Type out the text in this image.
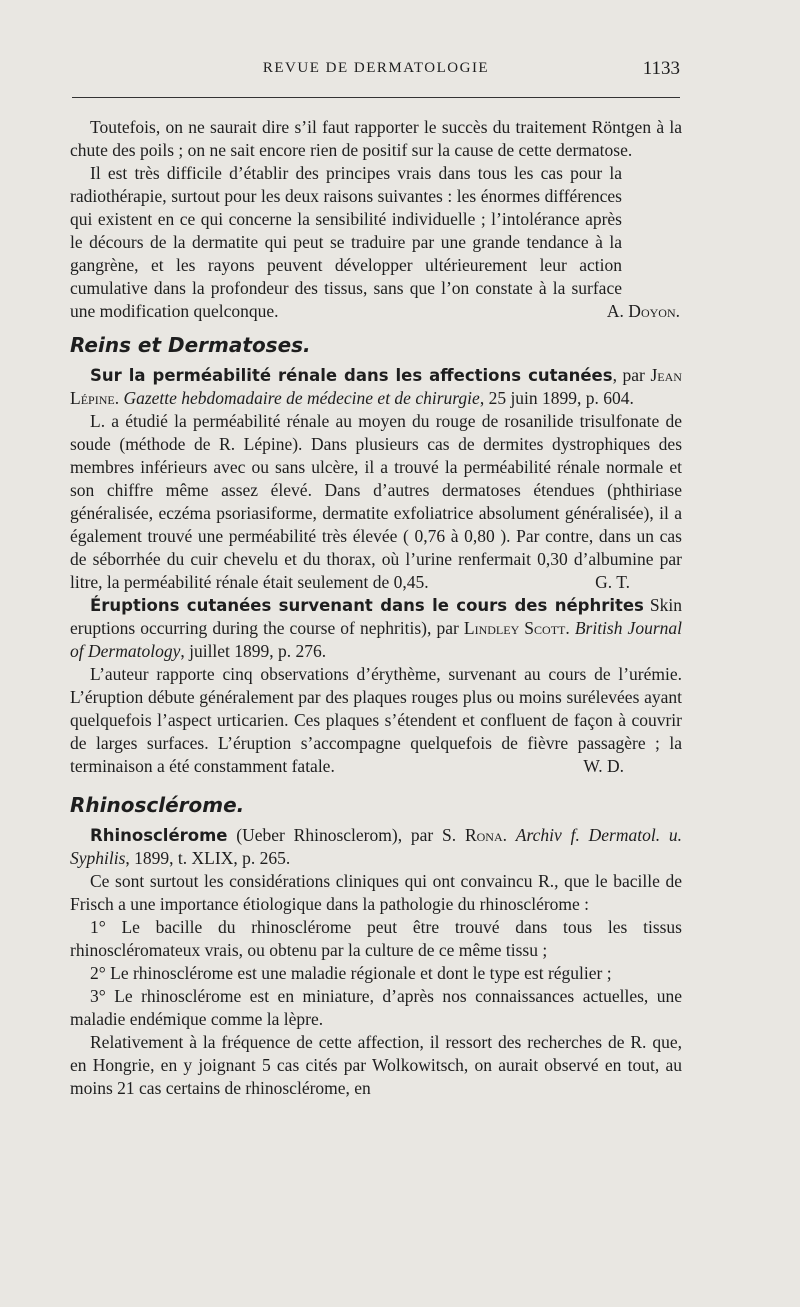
REVUE DE DERMATOLOGIE	1133

Toutefois, on ne saurait dire s’il faut rapporter le succès du traitement Röntgen à la chute des poils ; on ne sait encore rien de positif sur la cause de cette dermatose.

Il est très difficile d’établir des principes vrais dans tous les cas pour la radiothérapie, surtout pour les deux raisons suivantes : les énormes différences qui existent en ce qui concerne la sensibilité individuelle ; l’intolérance après le décours de la dermatite qui peut se traduire par une grande tendance à la gangrène, et les rayons peuvent développer ultérieurement leur action cumulative dans la profondeur des tissus, sans que l’on constate à la surface une modification quelconque.	A. Doyon.
Reins et Dermatoses.

Sur la perméabilité rénale dans les affections cutanées, par Jean Lépine. Gazette hebdomadaire de médecine et de chirurgie, 25 juin 1899, p. 604.

L. a étudié la perméabilité rénale au moyen du rouge de rosanilide trisulfonate de soude (méthode de R. Lépine). Dans plusieurs cas de dermites dystrophiques des membres inférieurs avec ou sans ulcère, il a trouvé la perméabilité rénale normale et son chiffre même assez élevé. Dans d’autres dermatoses étendues (phthiriase généralisée, eczéma psoriasiforme, dermatite exfoliatrice absolument généralisée), il a également trouvé une perméabilité très élevée ( 0,76 à 0,80 ). Par contre, dans un cas de séborrhée du cuir chevelu et du thorax, où l’urine renfermait 0,30 d’albumine par litre, la perméabilité rénale était seulement de 0,45.	G. T.

Éruptions cutanées survenant dans le cours des néphrites Skin eruptions occurring during the course of nephritis), par Lindley Scott. British Journal of Dermatology, juillet 1899, p. 276.

L’auteur rapporte cinq observations d’érythème, survenant au cours de l’urémie. L’éruption débute généralement par des plaques rouges plus ou moins surélevées ayant quelquefois l’aspect urticarien. Ces plaques s’étendent et confluent de façon à couvrir de larges surfaces. L’éruption s’accompagne quelquefois de fièvre passagère ; la terminaison a été constamment fatale.	W. D.
Rhinosclérome.

Rhinosclérome (Ueber Rhinosclerom), par S. Rona. Archiv f. Dermatol. u. Syphilis, 1899, t. XLIX, p. 265.

Ce sont surtout les considérations cliniques qui ont convaincu R., que le bacille de Frisch a une importance étiologique dans la pathologie du rhinosclérome :

1° Le bacille du rhinosclérome peut être trouvé dans tous les tissus rhinoscléromateux vrais, ou obtenu par la culture de ce même tissu ;

2° Le rhinosclérome est une maladie régionale et dont le type est régulier ;

3° Le rhinosclérome est en miniature, d’après nos connaissances actuelles, une maladie endémique comme la lèpre.

Relativement à la fréquence de cette affection, il ressort des recherches de R. que, en Hongrie, en y joignant 5 cas cités par Wolkowitsch, on aurait observé en tout, au moins 21 cas certains de rhinosclérome, en
